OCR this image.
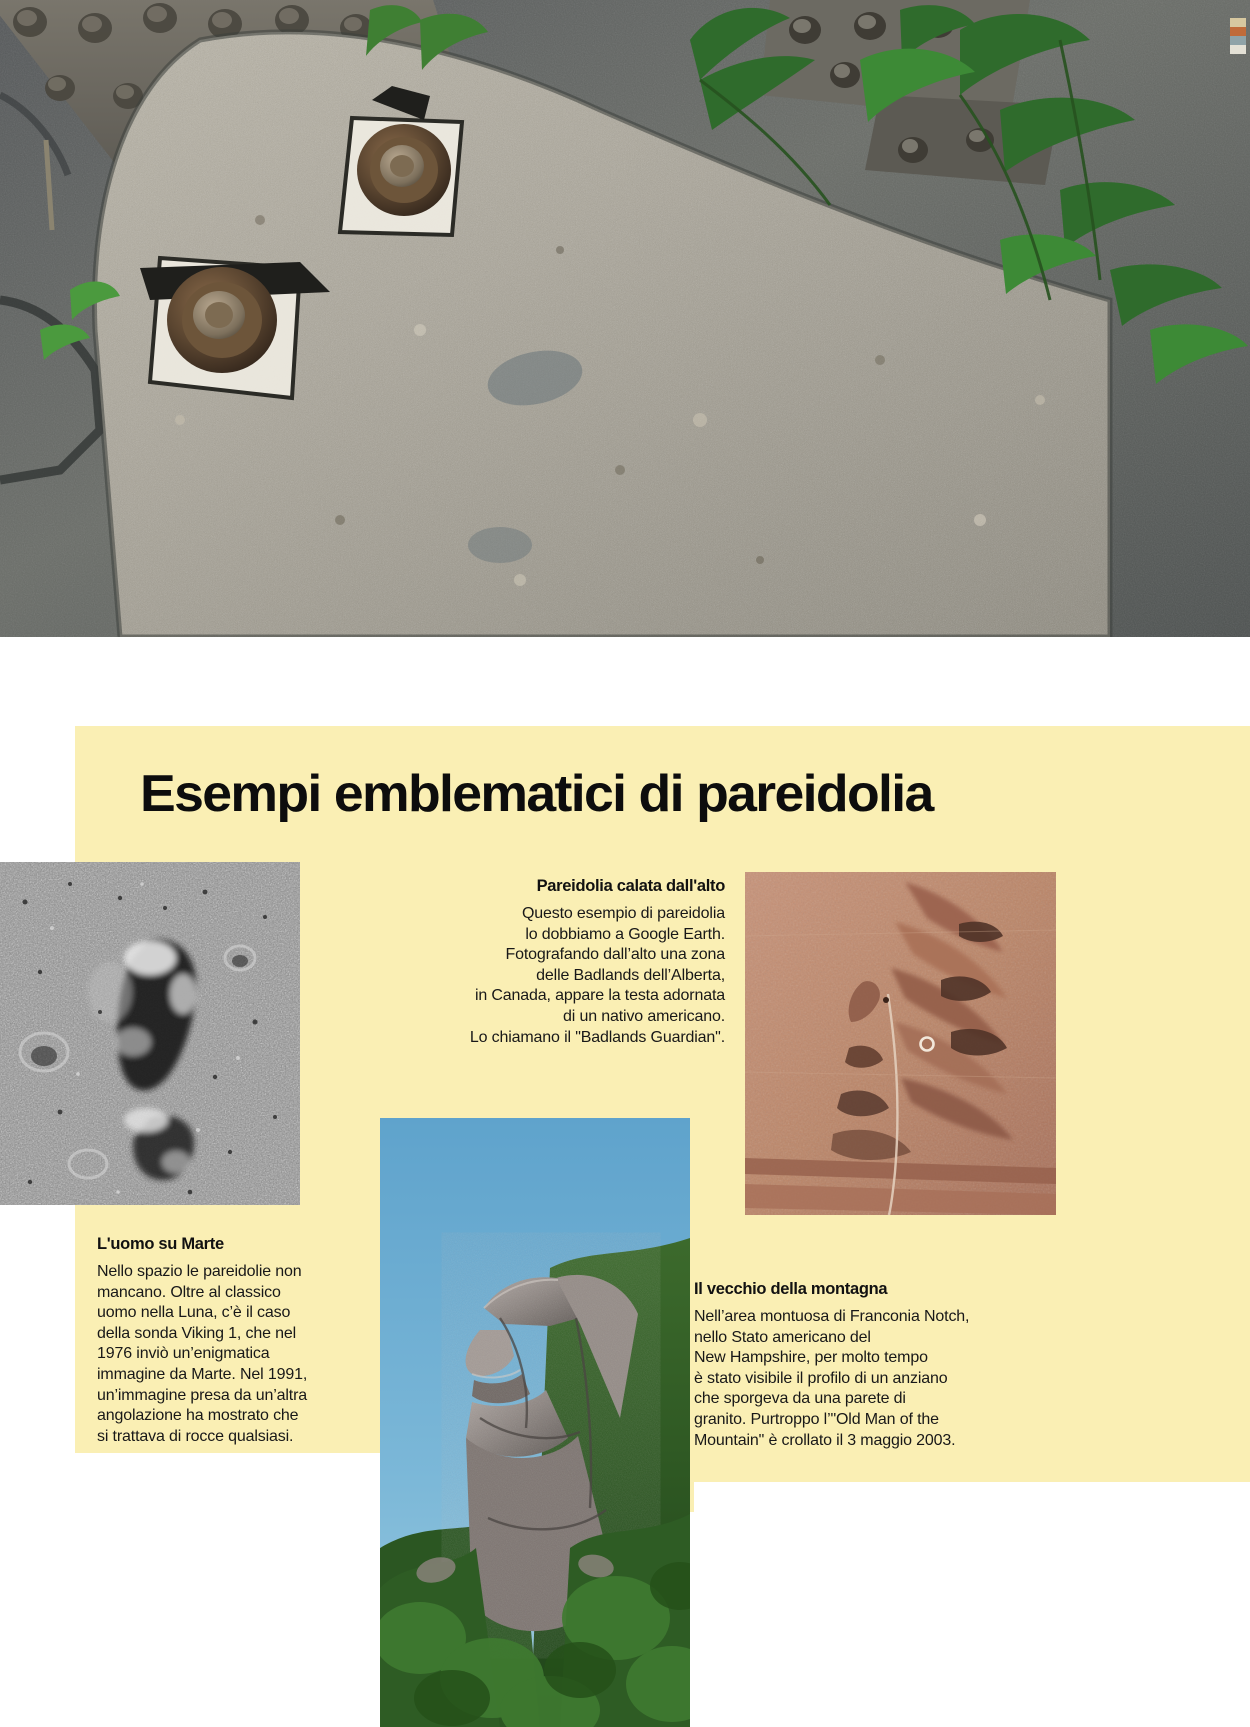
Esempi emblematici di pareidolia
Pareidolia calata dall'alto

Questo esempio di pareidolia
lo dobbiamo a Google Earth.
Fotografando dall’alto una zona
delle Badlands dell’Alberta,
in Canada, appare la testa adornata
di un nativo americano.
Lo chiamano il "Badlands Guardian".

L'uomo su Marte

Nello spazio le pareidolie non
mancano. Oltre al classico
uomo nella Luna, c’è il caso
della sonda Viking 1, che nel
1976 inviò un’enigmatica
immagine da Marte. Nel 1991,
un’immagine presa da un’altra
angolazione ha mostrato che
si trattava di rocce qualsiasi.

Il vecchio della montagna

Nell’area montuosa di Franconia Notch,
nello Stato americano del
New Hampshire, per molto tempo
è stato visibile il profilo di un anziano
che sporgeva da una parete di
granito. Purtroppo l’"Old Man of the
Mountain" è crollato il 3 maggio 2003.
